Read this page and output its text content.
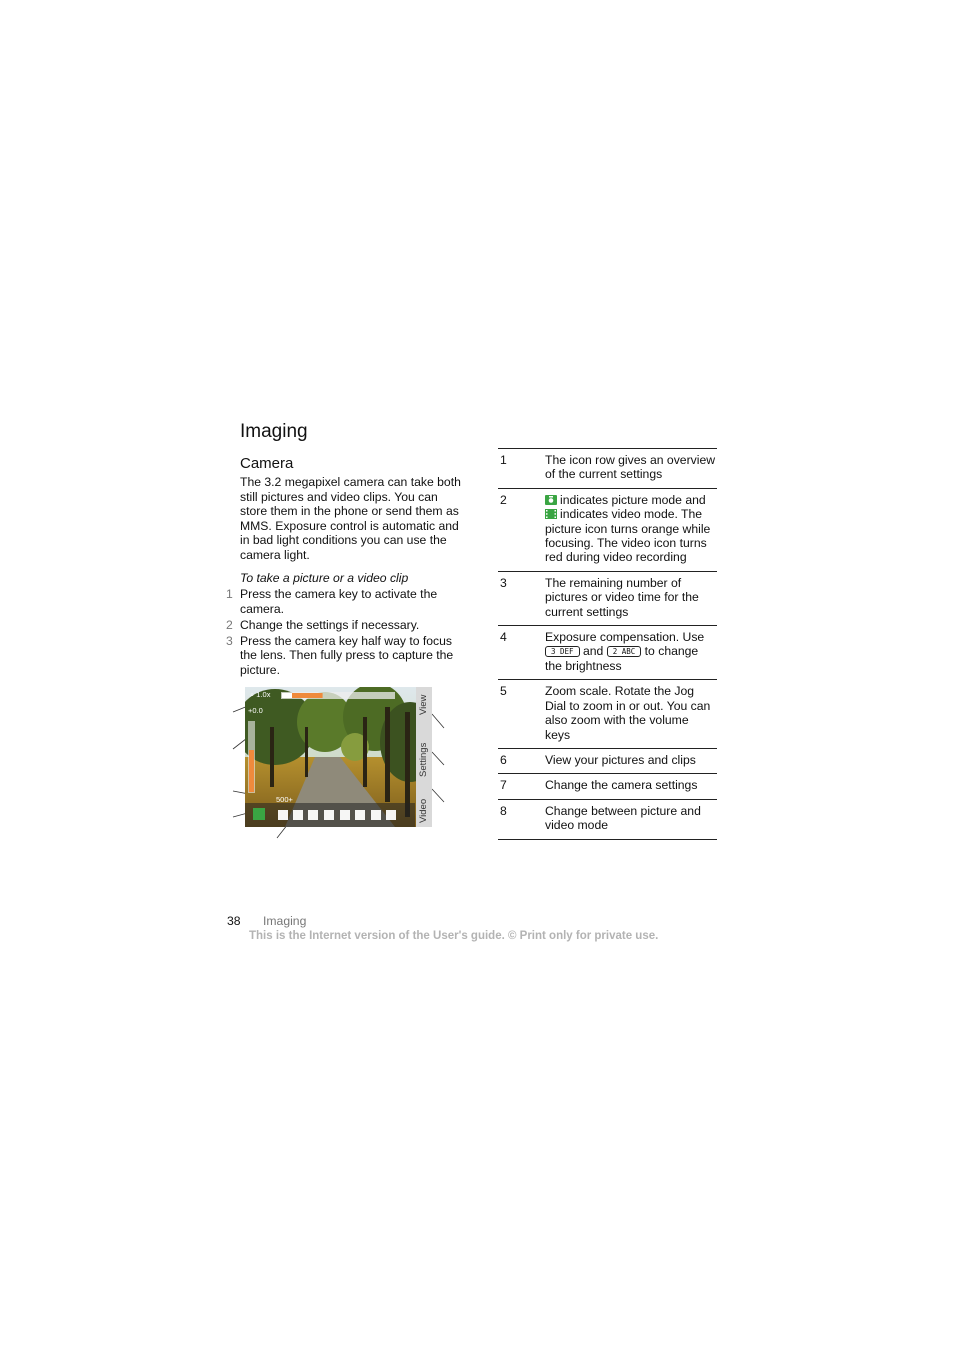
Imaging
Camera
The 3.2 megapixel camera can take both still pictures and video clips. You can store them in the phone or send them as MMS. Exposure control is automatic and in bad light conditions you can use the camera light.
To take a picture or a video clip
1 Press the camera key to activate the camera.
2 Change the settings if necessary.
3 Press the camera key half way to focus the lens. Then fully press to capture the picture.
⌕ 1.0x
+0.0
500+
View
Settings
Video
1	The icon row gives an overview of the current settings
2	indicates picture mode and indicates video mode. The picture icon turns orange while focusing. The video icon turns red during video recording
3	The remaining number of pictures or video time for the current settings
4	Exposure compensation. Use 3 DEF and 2 ABC to change the brightness
5	Zoom scale. Rotate the Jog Dial to zoom in or out. You can also zoom with the volume keys
6	View your pictures and clips
7	Change the camera settings
8	Change between picture and video mode
38 Imaging
This is the Internet version of the User's guide. © Print only for private use.
